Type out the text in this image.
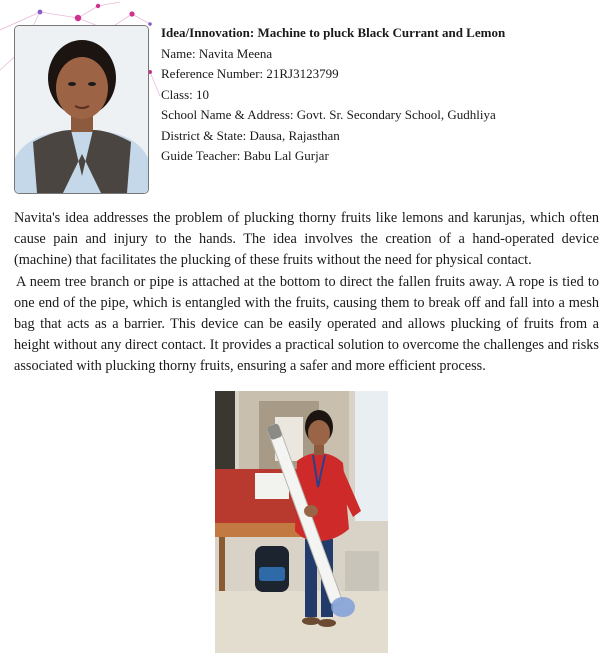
Idea/Innovation: Machine to pluck Black Currant and Lemon
Name: Navita Meena
Reference Number: 21RJ3123799
Class: 10
School Name & Address: Govt. Sr. Secondary School, Gudhliya
District & State: Dausa, Rajasthan
Guide Teacher: Babu Lal Gurjar

Navita's idea addresses the problem of plucking thorny fruits like lemons and karunjas, which often cause pain and injury to the hands. The idea involves the creation of a hand-operated device (machine) that facilitates the plucking of these fruits without the need for physical contact.

A neem tree branch or pipe is attached at the bottom to direct the fallen fruits away. A rope is tied to one end of the pipe, which is entangled with the fruits, causing them to break off and fall into a mesh bag that acts as a barrier. This device can be easily operated and allows plucking of fruits from a height without any direct contact. It provides a practical solution to overcome the challenges and risks associated with plucking thorny fruits, ensuring a safer and more efficient process.
